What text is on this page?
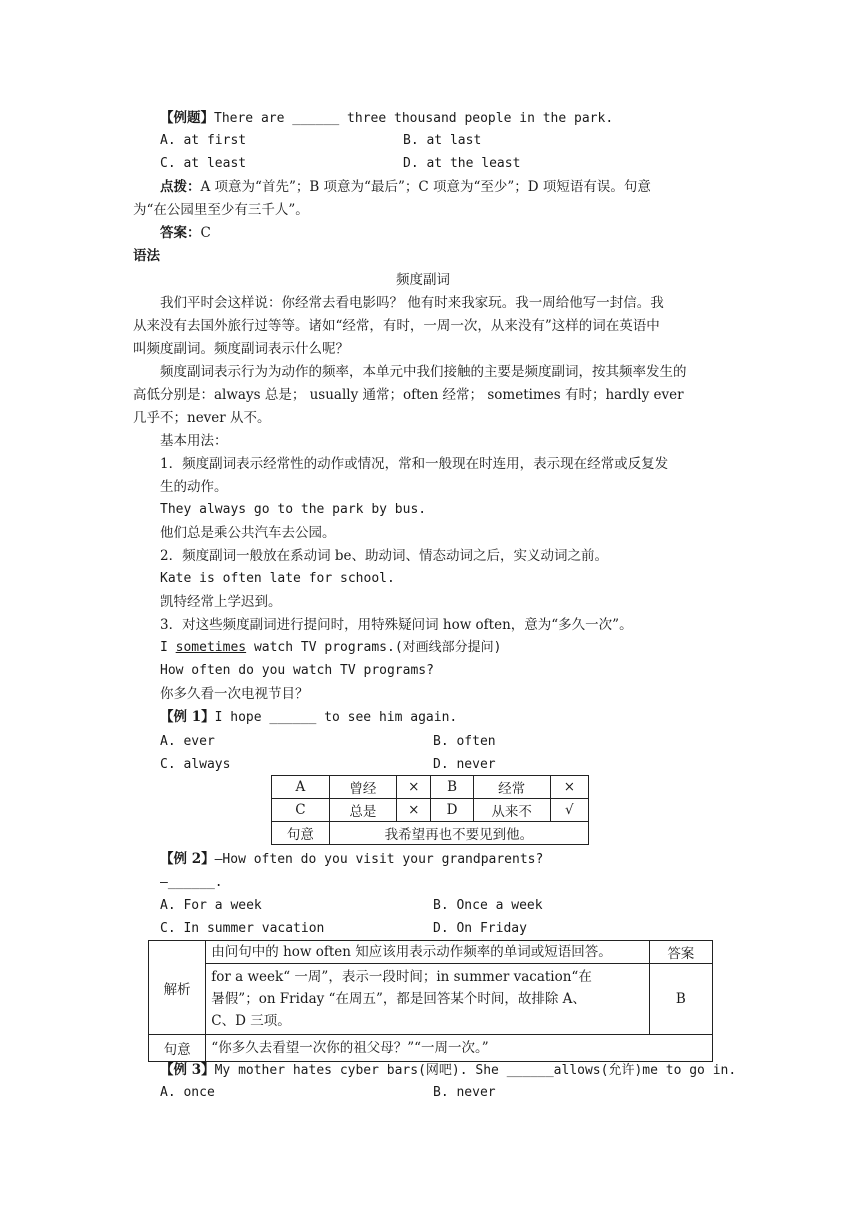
【例题】There are ______ three thousand people in the park.
A. at first	B. at last
C. at least	D. at the least
点拨：A 项意为“首先”；B 项意为“最后”；C 项意为“至少”；D 项短语有误。句意
为“在公园里至少有三千人”。
答案：C
语法
频度副词
我们平时会这样说：你经常去看电影吗？ 他有时来我家玩。我一周给他写一封信。我
从来没有去国外旅行过等等。诸如“经常，有时，一周一次，从来没有”这样的词在英语中
叫频度副词。频度副词表示什么呢？
频度副词表示行为为动作的频率，本单元中我们接触的主要是频度副词，按其频率发生的
高低分别是：always 总是； usually 通常；often 经常； sometimes 有时；hardly ever
几乎不；never 从不。
基本用法：
1．频度副词表示经常性的动作或情况，常和一般现在时连用，表示现在经常或反复发
生的动作。
They always go to the park by bus.
他们总是乘公共汽车去公园。
2．频度副词一般放在系动词 be、助动词、情态动词之后，实义动词之前。
Kate is often late for school.
凯特经常上学迟到。
3．对这些频度副词进行提问时，用特殊疑问词 how often，意为“多久一次”。
I sometimes watch TV programs.(对画线部分提问)
How often do you watch TV programs?
你多久看一次电视节目？
【例 1】I hope ______ to see him again.
A. ever	B. often
C. always	D. never
A	曾经	×	B	经常	×
C	总是	×	D	从来不	√
句意	我希望再也不要见到他。				
【例 2】—How often do you visit your grandparents?
—______.
A. For a week	B. Once a week
C. In summer vacation	D. On Friday
解析	由问句中的 how often 知应该用表示动作频率的单词或短语回答。	答案

	for a week“ 一周”，表示一段时间；in summer vacation“在
暑假”；on Friday “在周五”，都是回答某个时间，故排除 A、
C、D 三项。	B
句意	“你多久去看望一次你的祖父母？”“一周一次。”	
【例 3】My mother hates cyber bars(网吧). She ______allows(允许)me to go in.
A. once	B. never
